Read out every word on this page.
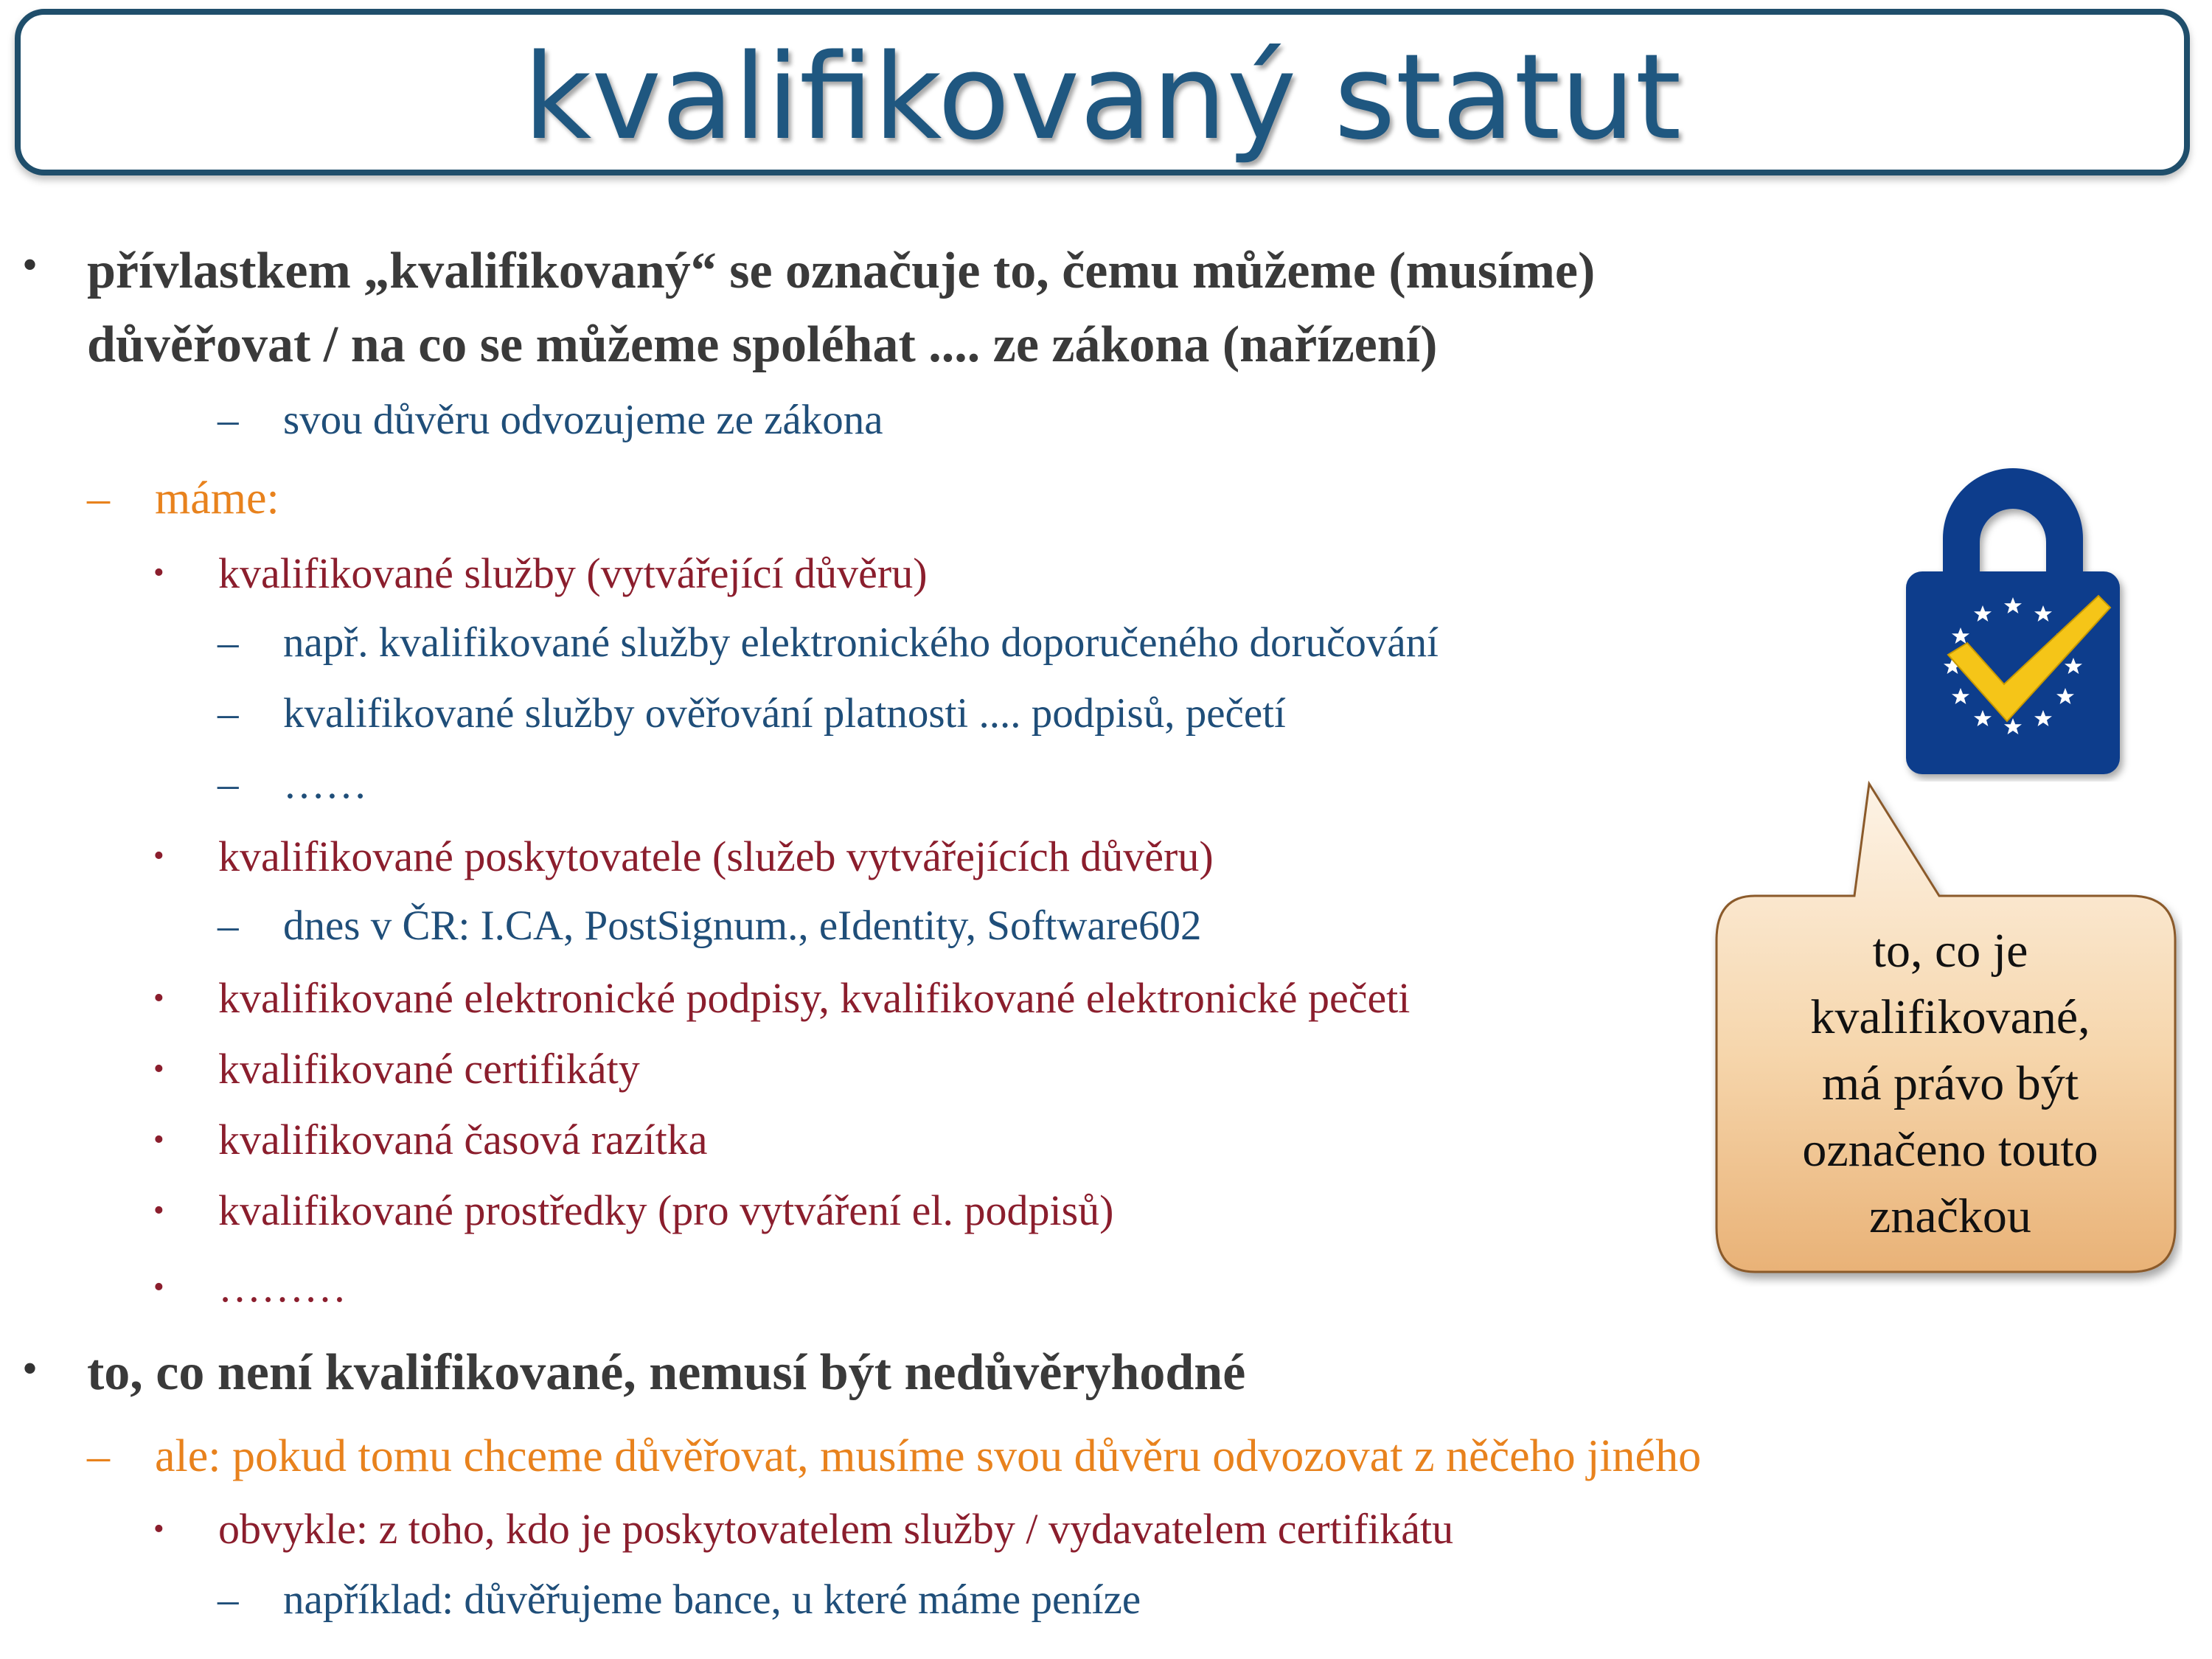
kvalifikovaný statut
• přívlastkem „kvalifikovaný“ se označuje to, čemu můžeme (musíme)
důvěřovat / na co se můžeme spoléhat .... ze zákona (nařízení)
– svou důvěru odvozujeme ze zákona
– máme:
• kvalifikované služby (vytvářející důvěru)
– např. kvalifikované služby elektronického doporučeného doručování
– kvalifikované služby ověřování platnosti .... podpisů, pečetí
– ……
• kvalifikované poskytovatele (služeb vytvářejících důvěru)
– dnes v ČR: I.CA, PostSignum., eIdentity, Software602
• kvalifikované elektronické podpisy, kvalifikované elektronické pečeti
• kvalifikované certifikáty
• kvalifikovaná časová razítka
• kvalifikované prostředky (pro vytváření el. podpisů)
• ………
• to, co není kvalifikované, nemusí být nedůvěryhodné
– ale: pokud tomu chceme důvěřovat, musíme svou důvěru odvozovat z něčeho jiného
• obvykle: z toho, kdo je poskytovatelem služby / vydavatelem certifikátu
– například: důvěřujeme bance, u které máme peníze
to, co je
kvalifikované,
má právo být
označeno touto
značkou
